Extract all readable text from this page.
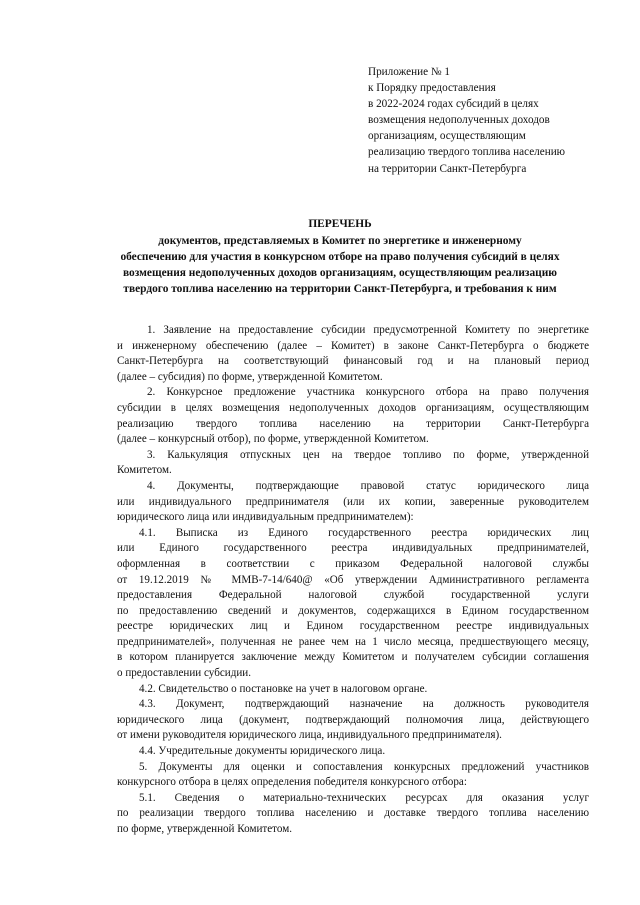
Приложение № 1
к Порядку предоставления
в 2022-2024 годах субсидий в целях
возмещения недополученных доходов
организациям, осуществляющим
реализацию твердого топлива населению
на территории Санкт-Петербурга
ПЕРЕЧЕНЬ
документов, представляемых в Комитет по энергетике и инженерному
обеспечению для участия в конкурсном отборе на право получения субсидий в целях
возмещения недополученных доходов организациям, осуществляющим реализацию
твердого топлива населению на территории Санкт-Петербурга, и требования к ним
1. Заявление на предоставление субсидии предусмотренной Комитету по энергетике
и инженерному обеспечению (далее – Комитет) в законе Санкт-Петербурга о бюджете
Санкт-Петербурга на соответствующий финансовый год и на плановый период
(далее – субсидия) по форме, утвержденной Комитетом.
2. Конкурсное предложение участника конкурсного отбора на право получения
субсидии в целях возмещения недополученных доходов организациям, осуществляющим
реализацию твердого топлива населению на территории Санкт-Петербурга
(далее – конкурсный отбор), по форме, утвержденной Комитетом.
3. Калькуляция отпускных цен на твердое топливо по форме, утвержденной
Комитетом.
4. Документы, подтверждающие правовой статус юридического лица
или индивидуального предпринимателя (или их копии, заверенные руководителем
юридического лица или индивидуальным предпринимателем):
4.1. Выписка из Единого государственного реестра юридических лиц
или Единого государственного реестра индивидуальных предпринимателей,
оформленная в соответствии с приказом Федеральной налоговой службы
от 19.12.2019 № ММВ-7-14/640@ «Об утверждении Административного регламента
предоставления Федеральной налоговой службой государственной услуги
по предоставлению сведений и документов, содержащихся в Едином государственном
реестре юридических лиц и Едином государственном реестре индивидуальных
предпринимателей», полученная не ранее чем на 1 число месяца, предшествующего месяцу,
в котором планируется заключение между Комитетом и получателем субсидии соглашения
о предоставлении субсидии.
4.2. Свидетельство о постановке на учет в налоговом органе.
4.3. Документ, подтверждающий назначение на должность руководителя
юридического лица (документ, подтверждающий полномочия лица, действующего
от имени руководителя юридического лица, индивидуального предпринимателя).
4.4. Учредительные документы юридического лица.
5. Документы для оценки и сопоставления конкурсных предложений участников
конкурсного отбора в целях определения победителя конкурсного отбора:
5.1. Сведения о материально-технических ресурсах для оказания услуг
по реализации твердого топлива населению и доставке твердого топлива населению
по форме, утвержденной Комитетом.
